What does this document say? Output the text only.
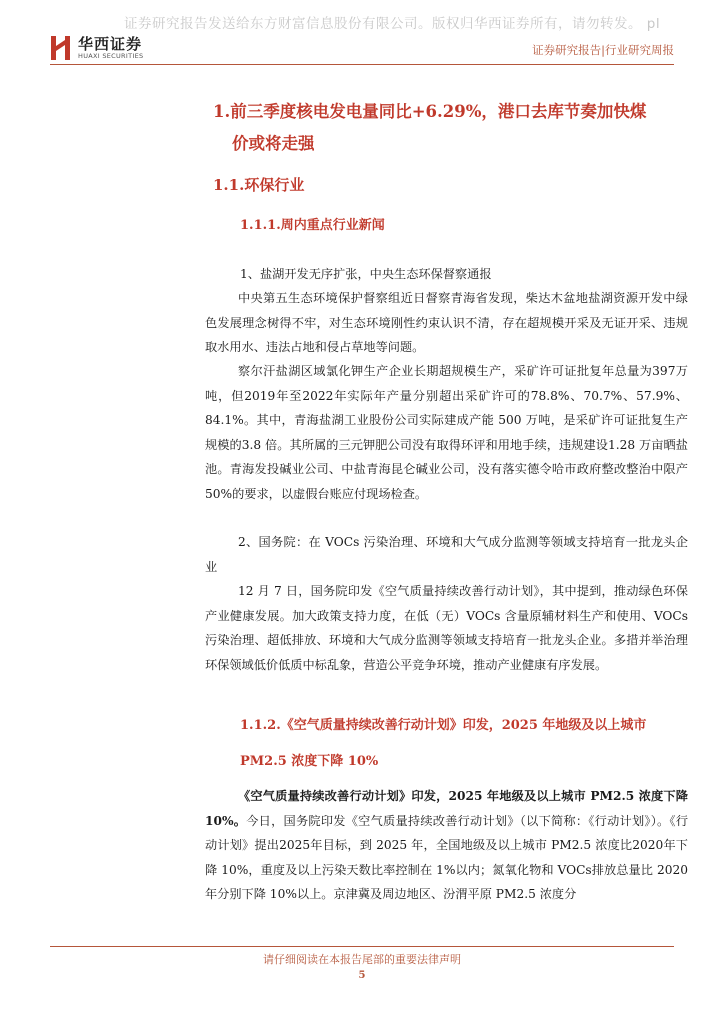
证券研究报告发送给东方财富信息股份有限公司。版权归华西证券所有，请勿转发。 pl
华西证券
HUAXI SECURITIES	证券研究报告|行业研究周报
1.前三季度核电发电量同比+6.29%，港口去库节奏加快煤
价或将走强
1.1.环保行业
1.1.1.周内重点行业新闻
1、盐湖开发无序扩张，中央生态环保督察通报
中央第五生态环境保护督察组近日督察青海省发现，柴达木盆地盐湖资源开发中绿色发展理念树得不牢，对生态环境刚性约束认识不清，存在超规模开采及无证开采、违规取水用水、违法占地和侵占草地等问题。
察尔汗盐湖区域氯化钾生产企业长期超规模生产，采矿许可证批复年总量为397万吨，但2019年至2022年实际年产量分别超出采矿许可的78.8%、70.7%、57.9%、84.1%。其中，青海盐湖工业股份公司实际建成产能 500 万吨，是采矿许可证批复生产规模的3.8 倍。其所属的三元钾肥公司没有取得环评和用地手续，违规建设1.28 万亩晒盐池。青海发投碱业公司、中盐青海昆仑碱业公司，没有落实德令哈市政府整改整治中限产 50%的要求，以虚假台账应付现场检查。
2、国务院：在 VOCs 污染治理、环境和大气成分监测等领域支持培育一批龙头企业
12 月 7 日，国务院印发《空气质量持续改善行动计划》，其中提到，推动绿色环保产业健康发展。加大政策支持力度，在低（无）VOCs 含量原辅材料生产和使用、VOCs 污染治理、超低排放、环境和大气成分监测等领域支持培育一批龙头企业。多措并举治理环保领域低价低质中标乱象，营造公平竞争环境，推动产业健康有序发展。
1.1.2.《空气质量持续改善行动计划》印发，2025 年地级及以上城市
PM2.5 浓度下降 10%
《空气质量持续改善行动计划》印发，2025 年地级及以上城市 PM2.5 浓度下降10%。今日，国务院印发《空气质量持续改善行动计划》（以下简称：《行动计划》）。《行动计划》提出2025年目标，到 2025 年，全国地级及以上城市 PM2.5 浓度比2020年下降 10%，重度及以上污染天数比率控制在 1%以内；氮氧化物和 VOCs排放总量比 2020 年分别下降 10%以上。京津冀及周边地区、汾渭平原 PM2.5 浓度分
请仔细阅读在本报告尾部的重要法律声明
5
